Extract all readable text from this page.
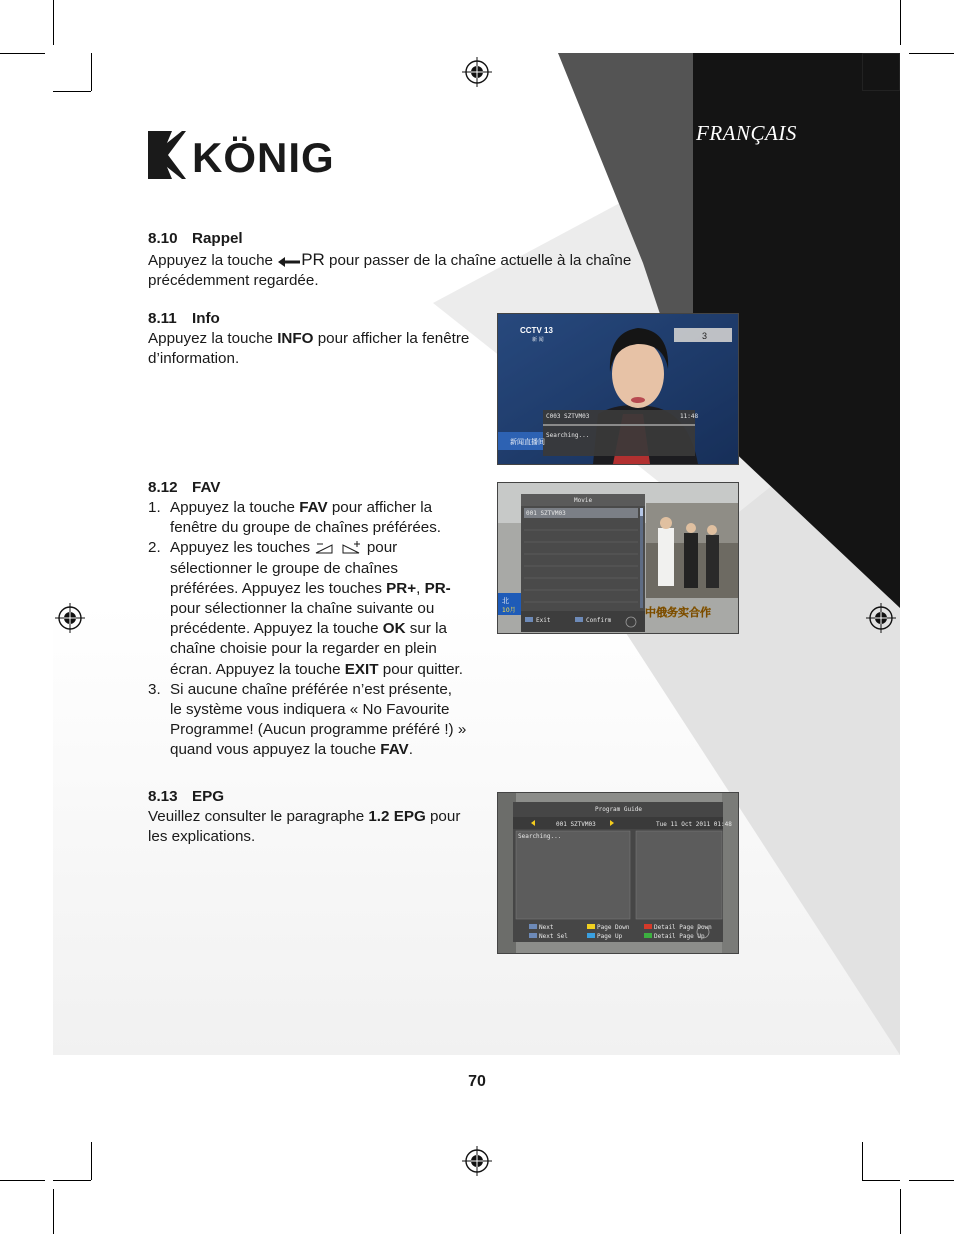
FRANÇAIS
KÖNIG
8.10 Rappel
Appuyez la touche PR pour passer de la chaîne actuelle à la chaîne
précédemment regardée.
8.11 Info
Appuyez la touche INFO pour afficher la fenêtre
d’information.
CCTV 13
新 闻	3
C003 SZTVM03	11:48
Searching...
新闻直播间
8.12 FAV
1. Appuyez la touche FAV pour afficher la
fenêtre du groupe de chaînes préférées.
2. Appuyez les touches	pour
sélectionner le groupe de chaînes
préférées. Appuyez les touches PR+, PR-
pour sélectionner la chaîne suivante ou
précédente. Appuyez la touche OK sur la
chaîne choisie pour la regarder en plein
écran. Appuyez la touche EXIT pour quitter.
3. Si aucune chaîne préférée n’est présente,
le système vous indiquera « No Favourite
Programme! (Aucun programme préféré !) »
quand vous appuyez la touche FAV.
北
10月
Movie
001 SZTVM03
Exit	Confirm
中俄务实合作
8.13 EPG
Veuillez consulter le paragraphe 1.2 EPG pour
les explications.
Program Guide
001 SZTVM03	Tue 11 Oct 2011 01:48
Searching...
Next	Page Down	Detail Page Down
Next Sel	Page Up	Detail Page Up
70
